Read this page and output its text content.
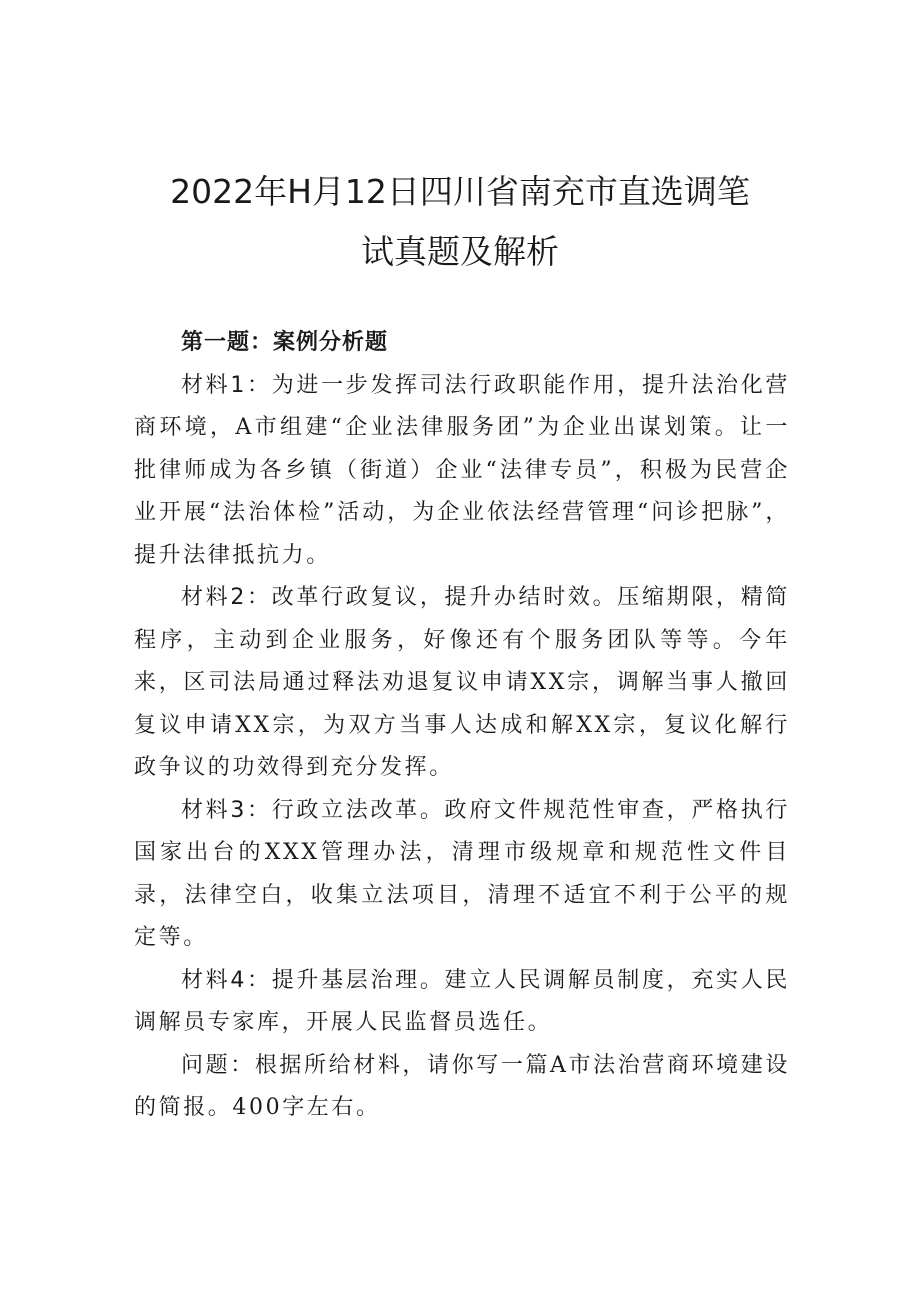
2022年H月12日四川省南充市直选调笔
试真题及解析

第一题：案例分析题

材料1：为进一步发挥司法行政职能作用，提升法治化营商环境，A市组建“企业法律服务团”为企业出谋划策。让一批律师成为各乡镇（街道）企业“法律专员”，积极为民营企业开展“法治体检”活动，为企业依法经营管理“问诊把脉”，提升法律抵抗力。

材料2：改革行政复议，提升办结时效。压缩期限，精简程序，主动到企业服务，好像还有个服务团队等等。今年来，区司法局通过释法劝退复议申请XX宗，调解当事人撤回复议申请XX宗，为双方当事人达成和解XX宗，复议化解行政争议的功效得到充分发挥。

材料3：行政立法改革。政府文件规范性审查，严格执行国家出台的XXX管理办法，清理市级规章和规范性文件目录，法律空白，收集立法项目，清理不适宜不利于公平的规定等。

材料4：提升基层治理。建立人民调解员制度，充实人民调解员专家库，开展人民监督员选任。

问题：根据所给材料，请你写一篇A市法治营商环境建设的简报。400字左右。
